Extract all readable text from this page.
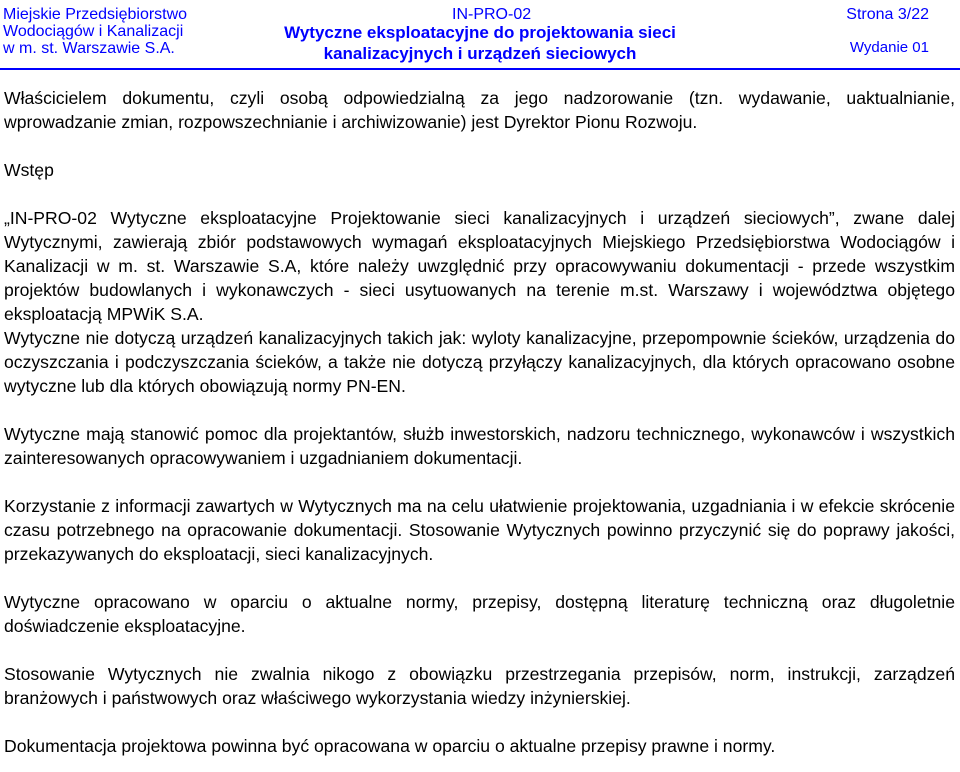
Miejskie Przedsiębiorstwo
Wodociągów i Kanalizacji
w m. st. Warszawie S.A.

IN-PRO-02	Strona 3/22
Wytyczne eksploatacyjne do projektowania sieci
kanalizacyjnych i urządzeń sieciowych	Wydanie 01

Właścicielem dokumentu, czyli osobą odpowiedzialną za jego nadzorowanie (tzn. wydawanie, uaktualnianie, wprowadzanie zmian, rozpowszechnianie i archiwizowanie) jest Dyrektor Pionu Rozwoju.

Wstęp

„IN-PRO-02 Wytyczne eksploatacyjne Projektowanie sieci kanalizacyjnych i urządzeń sieciowych”, zwane dalej Wytycznymi, zawierają zbiór podstawowych wymagań eksploatacyjnych Miejskiego Przedsiębiorstwa Wodociągów i Kanalizacji w m. st. Warszawie S.A, które należy uwzględnić przy opracowywaniu dokumentacji - przede wszystkim projektów budowlanych i wykonawczych - sieci usytuowanych na terenie m.st. Warszawy i województwa objętego eksploatacją MPWiK S.A.

Wytyczne nie dotyczą urządzeń kanalizacyjnych takich jak: wyloty kanalizacyjne, przepompownie ścieków, urządzenia do oczyszczania i podczyszczania ścieków, a także nie dotyczą przyłączy kanalizacyjnych, dla których opracowano osobne wytyczne lub dla których obowiązują normy PN-EN.

Wytyczne mają stanowić pomoc dla projektantów, służb inwestorskich, nadzoru technicznego, wykonawców i wszystkich zainteresowanych opracowywaniem i uzgadnianiem dokumentacji.

Korzystanie z informacji zawartych w Wytycznych ma na celu ułatwienie projektowania, uzgadniania i w efekcie skrócenie czasu potrzebnego na opracowanie dokumentacji. Stosowanie Wytycznych powinno przyczynić się do poprawy jakości, przekazywanych do eksploatacji, sieci kanalizacyjnych.

Wytyczne opracowano w oparciu o aktualne normy, przepisy, dostępną literaturę techniczną oraz długoletnie doświadczenie eksploatacyjne.

Stosowanie Wytycznych nie zwalnia nikogo z obowiązku przestrzegania przepisów, norm, instrukcji, zarządzeń branżowych i państwowych oraz właściwego wykorzystania wiedzy inżynierskiej.

Dokumentacja projektowa powinna być opracowana w oparciu o aktualne przepisy prawne i normy.
